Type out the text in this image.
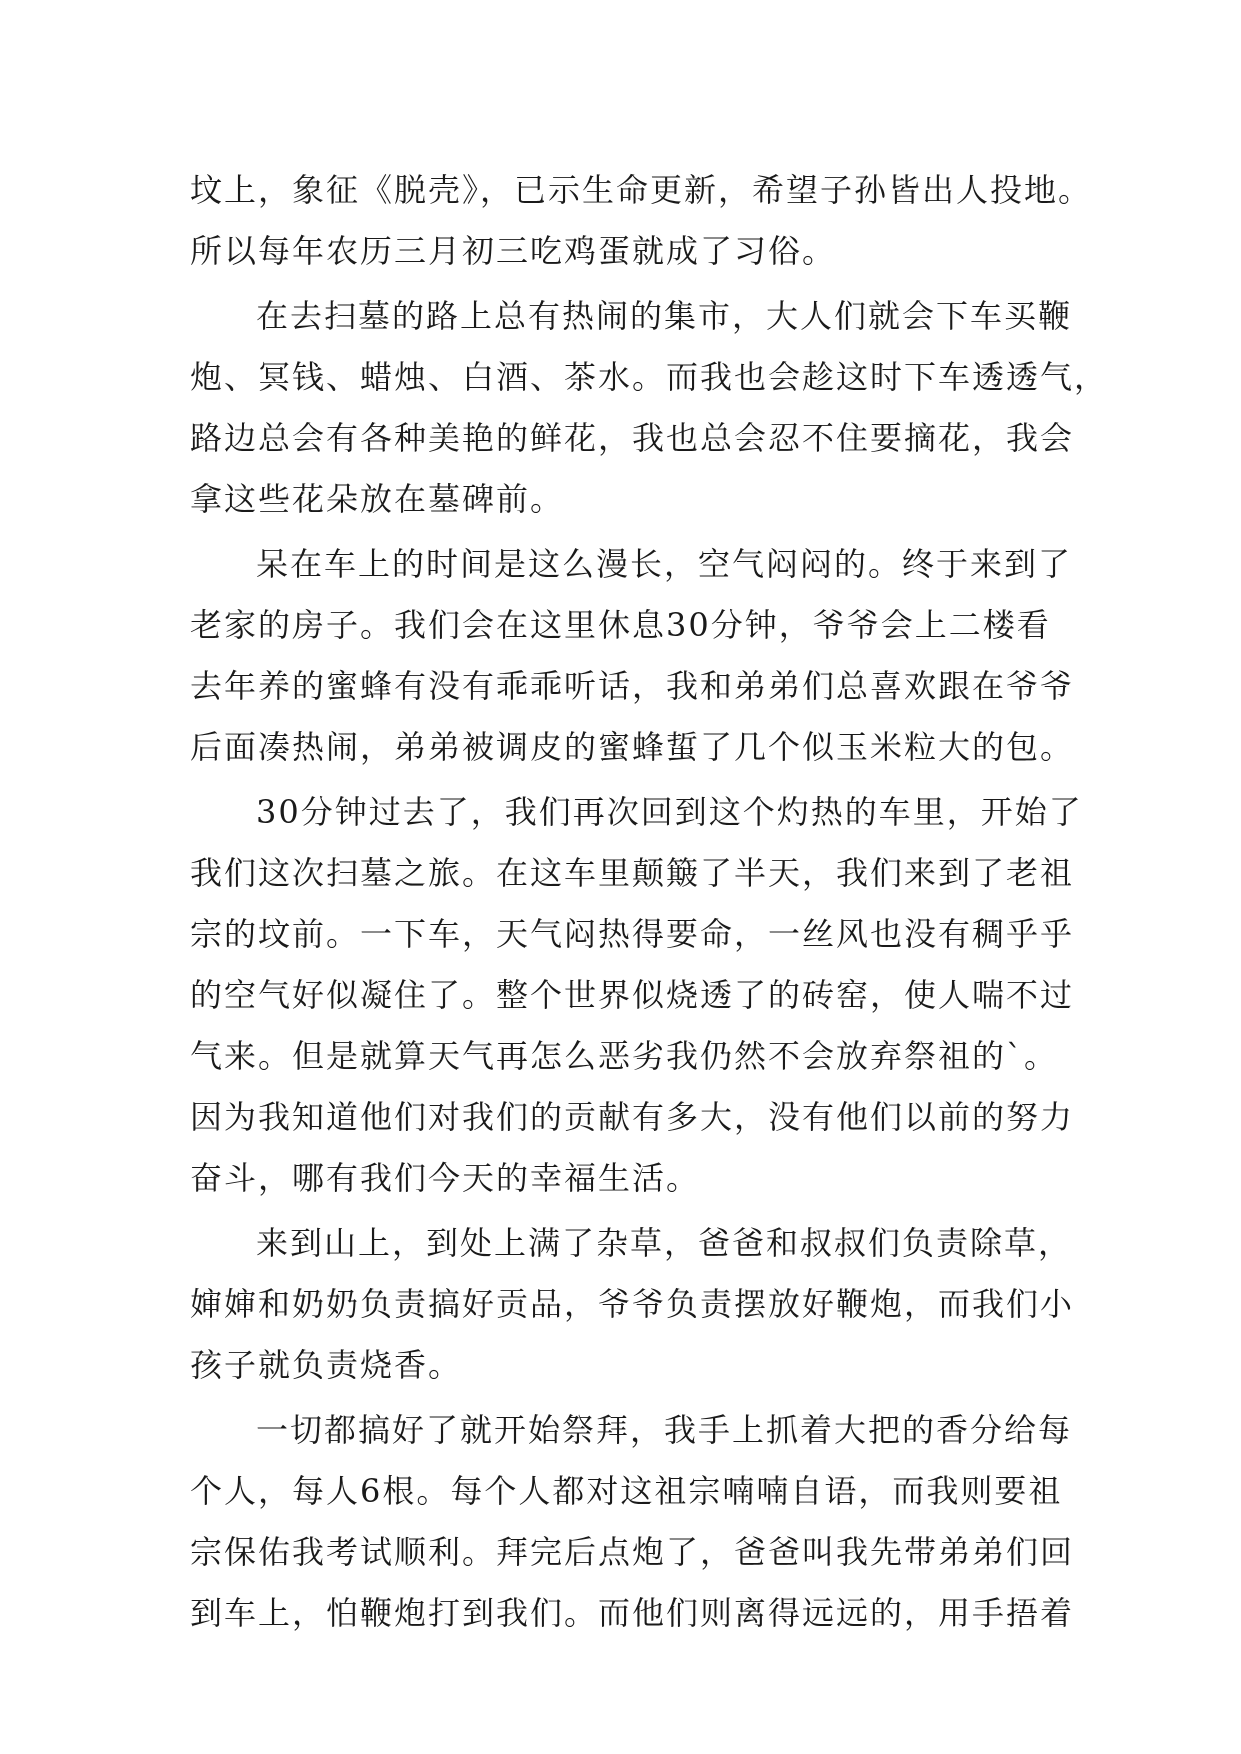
坟上，象征《脱壳》，已示生命更新，希望子孙皆出人投地。
所以每年农历三月初三吃鸡蛋就成了习俗。
在去扫墓的路上总有热闹的集市，大人们就会下车买鞭
炮、冥钱、蜡烛、白酒、茶水。而我也会趁这时下车透透气，
路边总会有各种美艳的鲜花，我也总会忍不住要摘花，我会
拿这些花朵放在墓碑前。
呆在车上的时间是这么漫长，空气闷闷的。终于来到了
老家的房子。我们会在这里休息30分钟，爷爷会上二楼看
去年养的蜜蜂有没有乖乖听话，我和弟弟们总喜欢跟在爷爷
后面凑热闹，弟弟被调皮的蜜蜂蜇了几个似玉米粒大的包。
30分钟过去了，我们再次回到这个灼热的车里，开始了
我们这次扫墓之旅。在这车里颠簸了半天，我们来到了老祖
宗的坟前。一下车，天气闷热得要命，一丝风也没有稠乎乎
的空气好似凝住了。整个世界似烧透了的砖窑，使人喘不过
气来。但是就算天气再怎么恶劣我仍然不会放弃祭祖的`。
因为我知道他们对我们的贡献有多大，没有他们以前的努力
奋斗，哪有我们今天的幸福生活。
来到山上，到处上满了杂草，爸爸和叔叔们负责除草，
婶婶和奶奶负责搞好贡品，爷爷负责摆放好鞭炮，而我们小
孩子就负责烧香。
一切都搞好了就开始祭拜，我手上抓着大把的香分给每
个人，每人6根。每个人都对这祖宗喃喃自语，而我则要祖
宗保佑我考试顺利。拜完后点炮了，爸爸叫我先带弟弟们回
到车上，怕鞭炮打到我们。而他们则离得远远的，用手捂着
